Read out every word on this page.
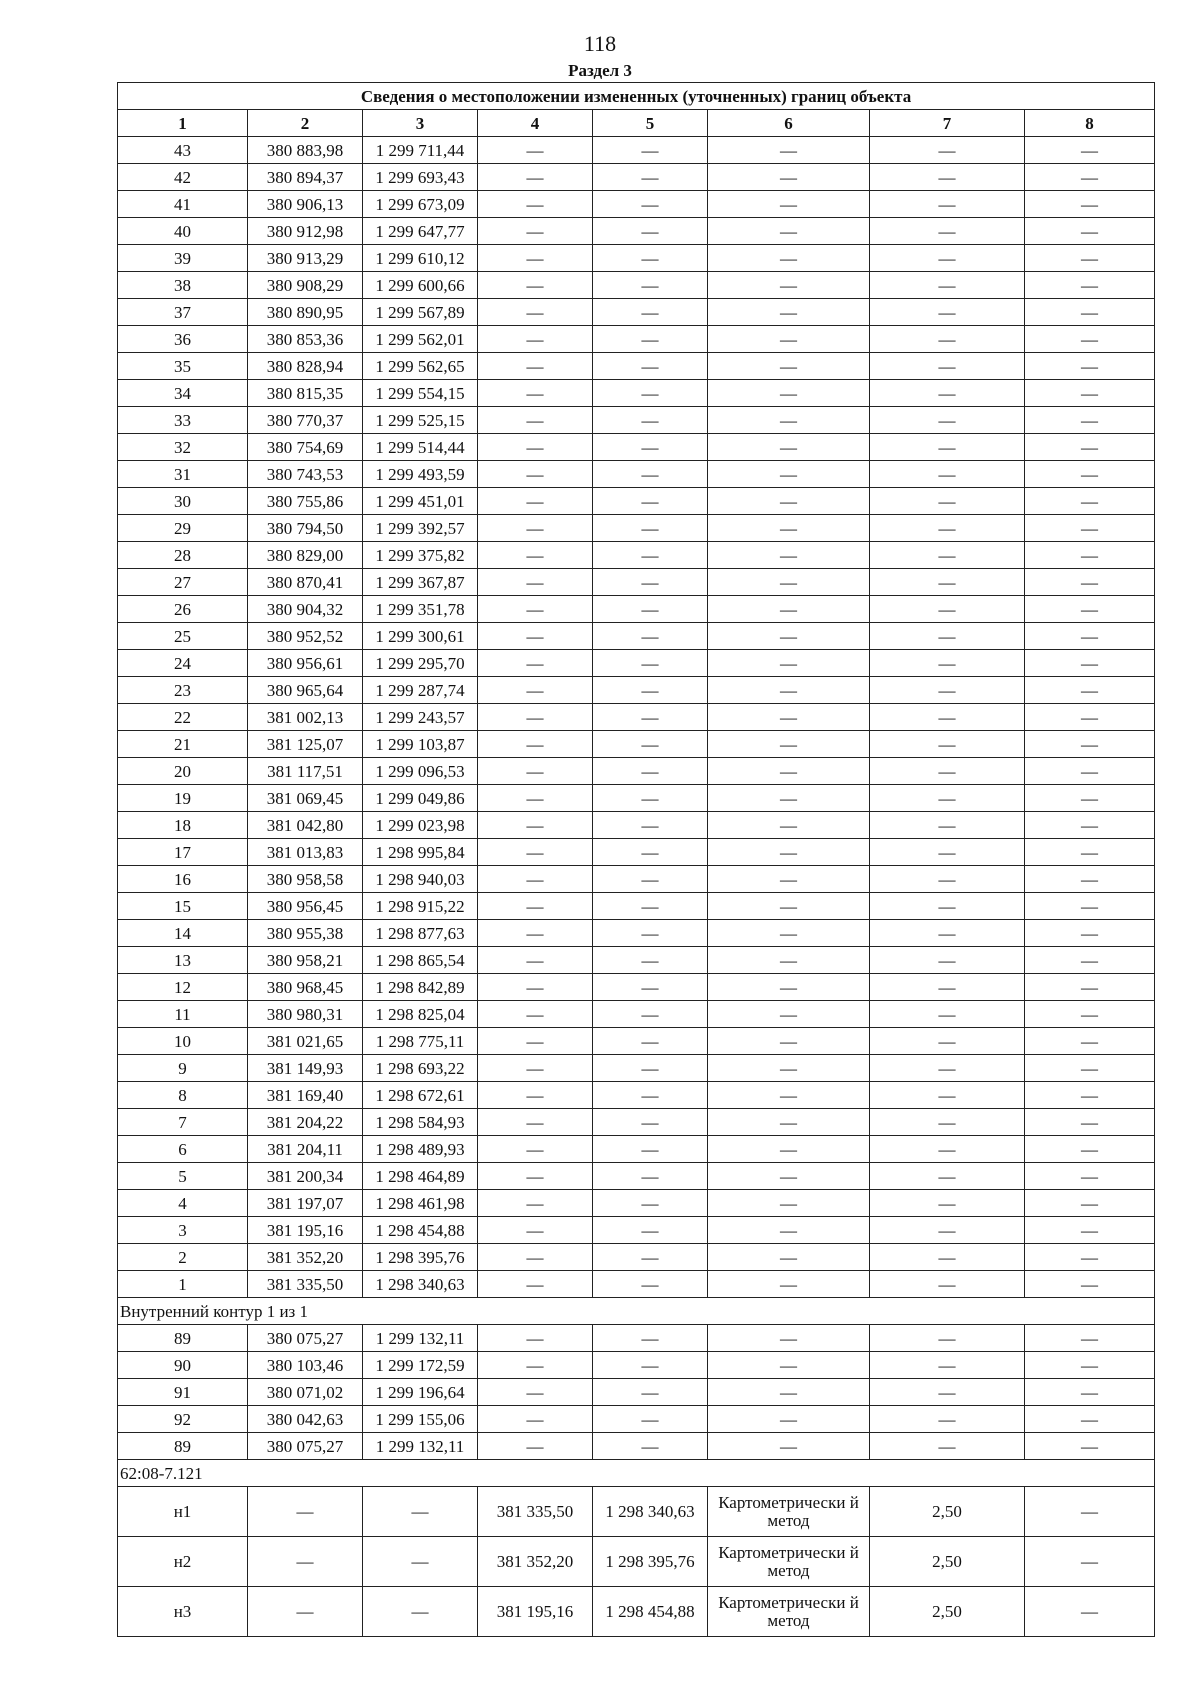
118
Раздел 3
Сведения о местоположении измененных (уточненных) границ объекта							
1	2	3	4	5	6	7	8
43	380 883,98	1 299 711,44	—	—	—	—	—
42	380 894,37	1 299 693,43	—	—	—	—	—
41	380 906,13	1 299 673,09	—	—	—	—	—
40	380 912,98	1 299 647,77	—	—	—	—	—
39	380 913,29	1 299 610,12	—	—	—	—	—
38	380 908,29	1 299 600,66	—	—	—	—	—
37	380 890,95	1 299 567,89	—	—	—	—	—
36	380 853,36	1 299 562,01	—	—	—	—	—
35	380 828,94	1 299 562,65	—	—	—	—	—
34	380 815,35	1 299 554,15	—	—	—	—	—
33	380 770,37	1 299 525,15	—	—	—	—	—
32	380 754,69	1 299 514,44	—	—	—	—	—
31	380 743,53	1 299 493,59	—	—	—	—	—
30	380 755,86	1 299 451,01	—	—	—	—	—
29	380 794,50	1 299 392,57	—	—	—	—	—
28	380 829,00	1 299 375,82	—	—	—	—	—
27	380 870,41	1 299 367,87	—	—	—	—	—
26	380 904,32	1 299 351,78	—	—	—	—	—
25	380 952,52	1 299 300,61	—	—	—	—	—
24	380 956,61	1 299 295,70	—	—	—	—	—
23	380 965,64	1 299 287,74	—	—	—	—	—
22	381 002,13	1 299 243,57	—	—	—	—	—
21	381 125,07	1 299 103,87	—	—	—	—	—
20	381 117,51	1 299 096,53	—	—	—	—	—
19	381 069,45	1 299 049,86	—	—	—	—	—
18	381 042,80	1 299 023,98	—	—	—	—	—
17	381 013,83	1 298 995,84	—	—	—	—	—
16	380 958,58	1 298 940,03	—	—	—	—	—
15	380 956,45	1 298 915,22	—	—	—	—	—
14	380 955,38	1 298 877,63	—	—	—	—	—
13	380 958,21	1 298 865,54	—	—	—	—	—
12	380 968,45	1 298 842,89	—	—	—	—	—
11	380 980,31	1 298 825,04	—	—	—	—	—
10	381 021,65	1 298 775,11	—	—	—	—	—
9	381 149,93	1 298 693,22	—	—	—	—	—
8	381 169,40	1 298 672,61	—	—	—	—	—
7	381 204,22	1 298 584,93	—	—	—	—	—
6	381 204,11	1 298 489,93	—	—	—	—	—
5	381 200,34	1 298 464,89	—	—	—	—	—
4	381 197,07	1 298 461,98	—	—	—	—	—
3	381 195,16	1 298 454,88	—	—	—	—	—
2	381 352,20	1 298 395,76	—	—	—	—	—
1	381 335,50	1 298 340,63	—	—	—	—	—
Внутренний контур 1 из 1							
89	380 075,27	1 299 132,11	—	—	—	—	—
90	380 103,46	1 299 172,59	—	—	—	—	—
91	380 071,02	1 299 196,64	—	—	—	—	—
92	380 042,63	1 299 155,06	—	—	—	—	—
89	380 075,27	1 299 132,11	—	—	—	—	—
62:08-7.121							
н1	—	—	381 335,50	1 298 340,63	Картометрически й метод	2,50	—
н2	—	—	381 352,20	1 298 395,76	Картометрически й метод	2,50	—
н3	—	—	381 195,16	1 298 454,88	Картометрически й метод	2,50	—
